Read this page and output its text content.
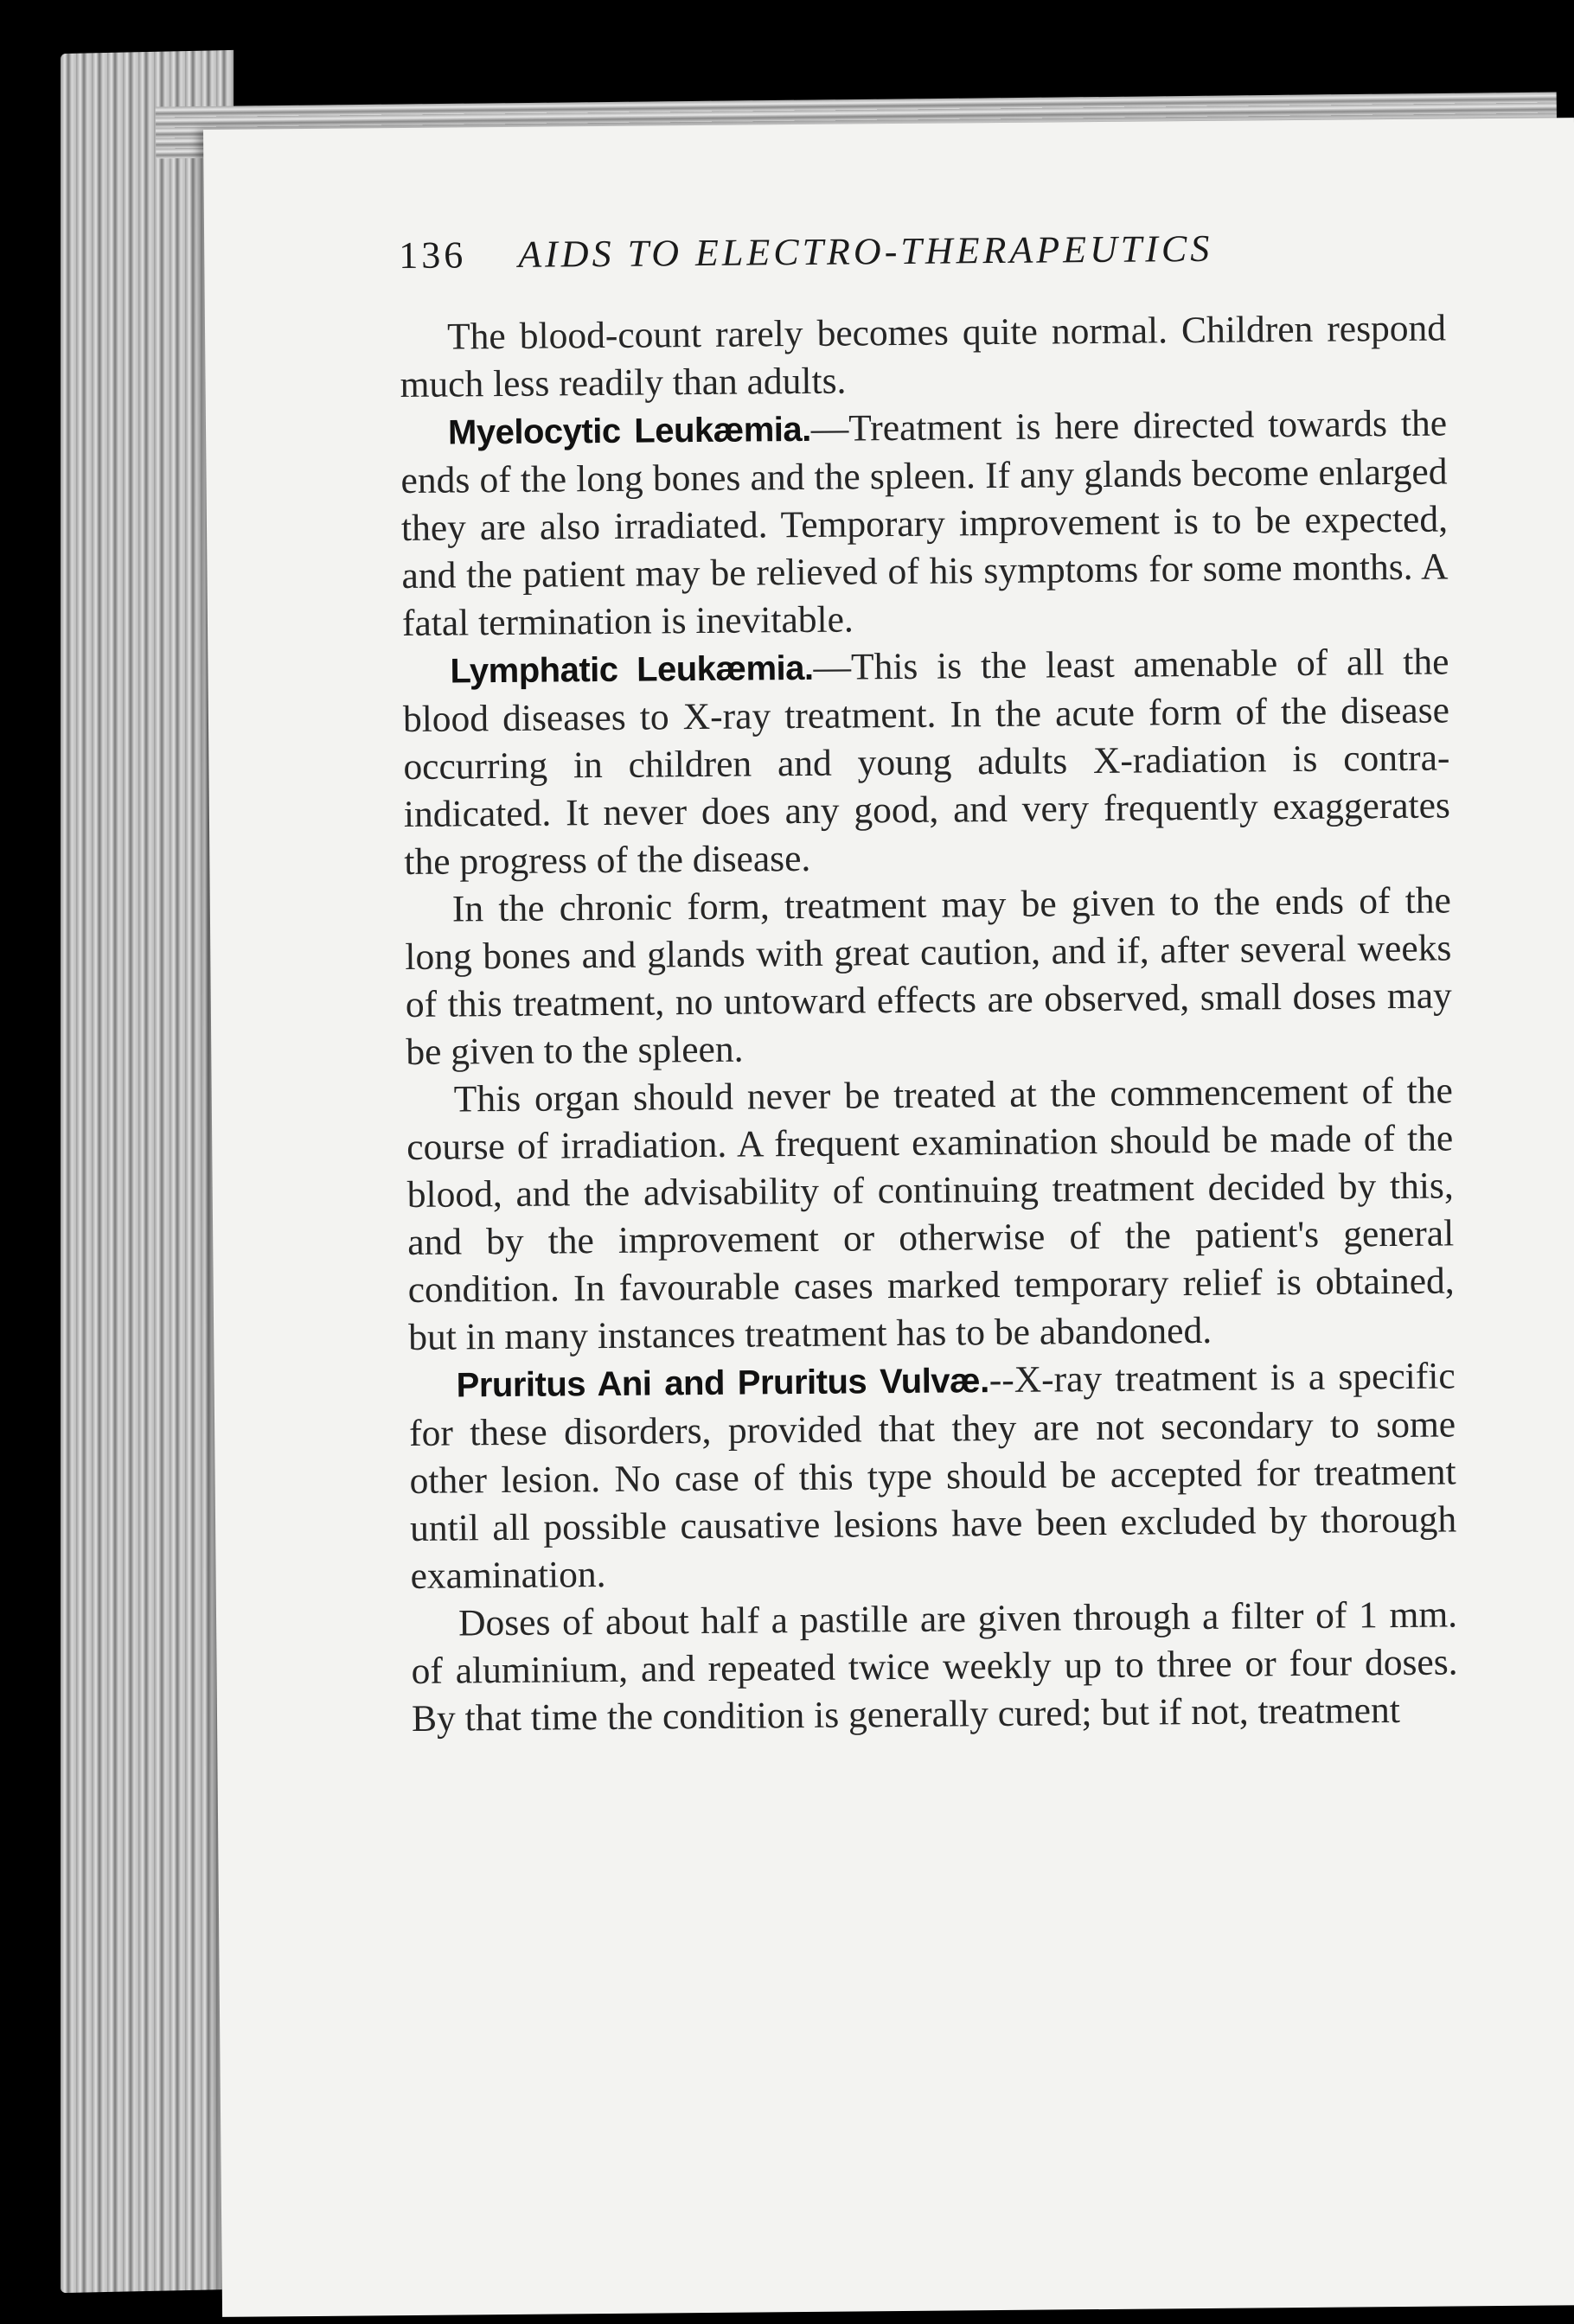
136 AIDS TO ELECTRO-THERAPEUTICS

The blood-count rarely becomes quite normal. Children respond much less readily than adults.

Myelocytic Leukæmia.—Treatment is here directed towards the ends of the long bones and the spleen. If any glands become enlarged they are also irradiated. Temporary improvement is to be expected, and the patient may be relieved of his symptoms for some months. A fatal termination is inevitable.

Lymphatic Leukæmia.—This is the least amenable of all the blood diseases to X-ray treatment. In the acute form of the disease occurring in children and young adults X-radiation is contra-indicated. It never does any good, and very frequently exaggerates the progress of the disease.

In the chronic form, treatment may be given to the ends of the long bones and glands with great caution, and if, after several weeks of this treatment, no untoward effects are observed, small doses may be given to the spleen.

This organ should never be treated at the commencement of the course of irradiation. A frequent examination should be made of the blood, and the advisability of continuing treatment decided by this, and by the improvement or otherwise of the patient's general condition. In favourable cases marked temporary relief is obtained, but in many instances treatment has to be abandoned.

Pruritus Ani and Pruritus Vulvæ.--X-ray treatment is a specific for these disorders, provided that they are not secondary to some other lesion. No case of this type should be accepted for treatment until all possible causative lesions have been excluded by thorough examination.

Doses of about half a pastille are given through a filter of 1 mm. of aluminium, and repeated twice weekly up to three or four doses. By that time the condition is generally cured; but if not, treatment
